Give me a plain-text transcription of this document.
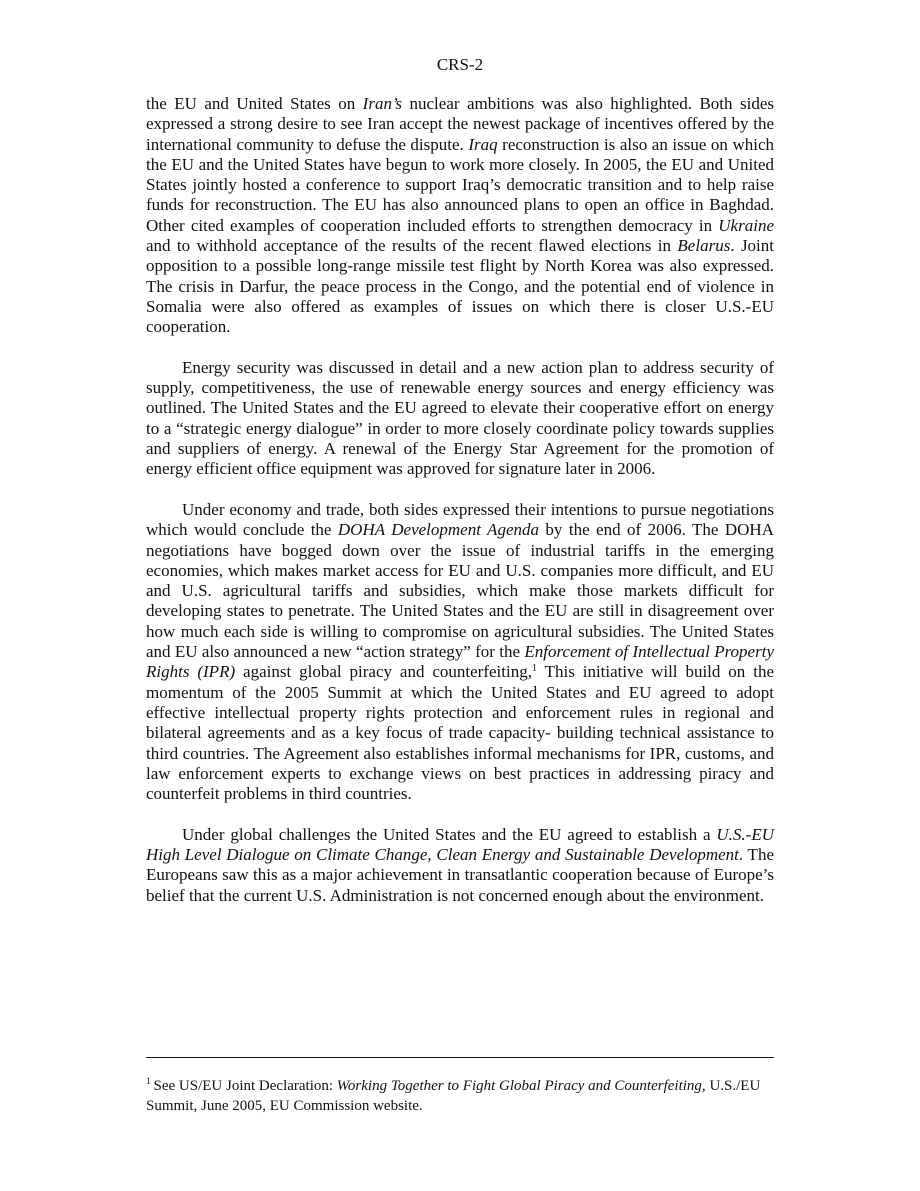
CRS-2

the EU and United States on Iran’s nuclear ambitions was also highlighted. Both sides expressed a strong desire to see Iran accept the newest package of incentives offered by the international community to defuse the dispute. Iraq reconstruction is also an issue on which the EU and the United States have begun to work more closely. In 2005, the EU and United States jointly hosted a conference to support Iraq’s democratic transition and to help raise funds for reconstruction. The EU has also announced plans to open an office in Baghdad. Other cited examples of cooperation included efforts to strengthen democracy in Ukraine and to withhold acceptance of the results of the recent flawed elections in Belarus. Joint opposition to a possible long-range missile test flight by North Korea was also expressed. The crisis in Darfur, the peace process in the Congo, and the potential end of violence in Somalia were also offered as examples of issues on which there is closer U.S.-EU cooperation.

Energy security was discussed in detail and a new action plan to address security of supply, competitiveness, the use of renewable energy sources and energy efficiency was outlined. The United States and the EU agreed to elevate their cooperative effort on energy to a “strategic energy dialogue” in order to more closely coordinate policy towards supplies and suppliers of energy. A renewal of the Energy Star Agreement for the promotion of energy efficient office equipment was approved for signature later in 2006.

Under economy and trade, both sides expressed their intentions to pursue negotiations which would conclude the DOHA Development Agenda by the end of 2006. The DOHA negotiations have bogged down over the issue of industrial tariffs in the emerging economies, which makes market access for EU and U.S. companies more difficult, and EU and U.S. agricultural tariffs and subsidies, which make those markets difficult for developing states to penetrate. The United States and the EU are still in disagreement over how much each side is willing to compromise on agricultural subsidies. The United States and EU also announced a new “action strategy” for the Enforcement of Intellectual Property Rights (IPR) against global piracy and counterfeiting,$^1$ This initiative will build on the momentum of the 2005 Summit at which the United States and EU agreed to adopt effective intellectual property rights protection and enforcement rules in regional and bilateral agreements and as a key focus of trade capacity- building technical assistance to third countries. The Agreement also establishes informal mechanisms for IPR, customs, and law enforcement experts to exchange views on best practices in addressing piracy and counterfeit problems in third countries.

Under global challenges the United States and the EU agreed to establish a U.S.-EU High Level Dialogue on Climate Change, Clean Energy and Sustainable Development. The Europeans saw this as a major achievement in transatlantic cooperation because of Europe’s belief that the current U.S. Administration is not concerned enough about the environment.

$^1$ See US/EU Joint Declaration: Working Together to Fight Global Piracy and Counterfeiting, U.S./EU Summit, June 2005, EU Commission website.
